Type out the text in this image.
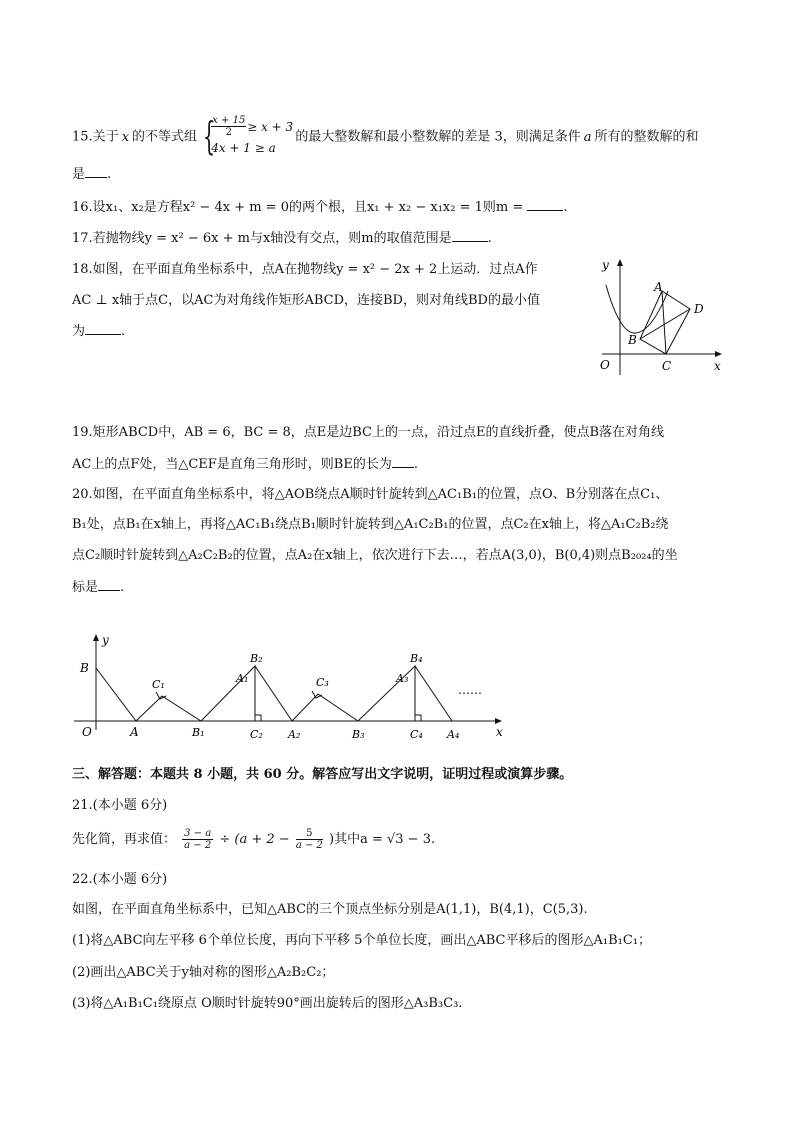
15.关于 x 的不等式组 {
x + 15
2	≥ x + 3
4x + 1 ≥ a
的最大整数解和最小整数解的差是 3，则满足条件 a 所有的整数解的和
是 .
16.设x₁、x₂是方程x² − 4x + m = 0的两个根，且x₁ + x₂ − x₁x₂ = 1则m =	.
17.若抛物线y = x² − 6x + m与x轴没有交点，则m的取值范围是	.
18.如图，在平面直角坐标系中，点A在抛物线y = x² − 2x + 2上运动．过点A作
AC ⊥ x轴于点C，以AC为对角线作矩形ABCD，连接BD，则对角线BD的最小值
为	.
y
x
O
A
B
C
D
19.矩形ABCD中，AB = 6，BC = 8，点E是边BC上的一点，沿过点E的直线折叠，使点B落在对角线
AC上的点F处，当△CEF是直角三角形时，则BE的长为 .
20.如图，在平面直角坐标系中，将△AOB绕点A顺时针旋转到△AC₁B₁的位置，点O、B分别落在点C₁、
B₁处，点B₁在x轴上，再将△AC₁B₁绕点B₁顺时针旋转到△A₁C₂B₁的位置，点C₂在x轴上，将△A₁C₂B₂绕
点C₂顺时针旋转到△A₂C₂B₂的位置，点A₂在x轴上，依次进行下去…，若点A(3,0)，B(0,4)则点B₂₀₂₄的坐
标是 .
y
x
O
B
A
C₁
B₁
A₁
B₂
C₂ A₂
C₃
B₃
A₃
B₄
C₄ A₄
……
三、解答题：本题共 8 小题，共 60 分。解答应写出文字说明，证明过程或演算步骤。
21.(本小题 6分)
先化简，再求值： $\frac{3 - a}{a - 2} \div (a + 2 - \frac{5}{a - 2}$ )其中a = √3 − 3.
22.(本小题 6分)
如图，在平面直角坐标系中，已知△ABC的三个顶点坐标分别是A(1,1)，B(4,1)，C(5,3).
(1)将△ABC向左平移 6个单位长度，再向下平移 5个单位长度，画出△ABC平移后的图形△A₁B₁C₁；
(2)画出△ABC关于y轴对称的图形△A₂B₂C₂；
(3)将△A₁B₁C₁绕原点 O顺时针旋转90°画出旋转后的图形△A₃B₃C₃.
